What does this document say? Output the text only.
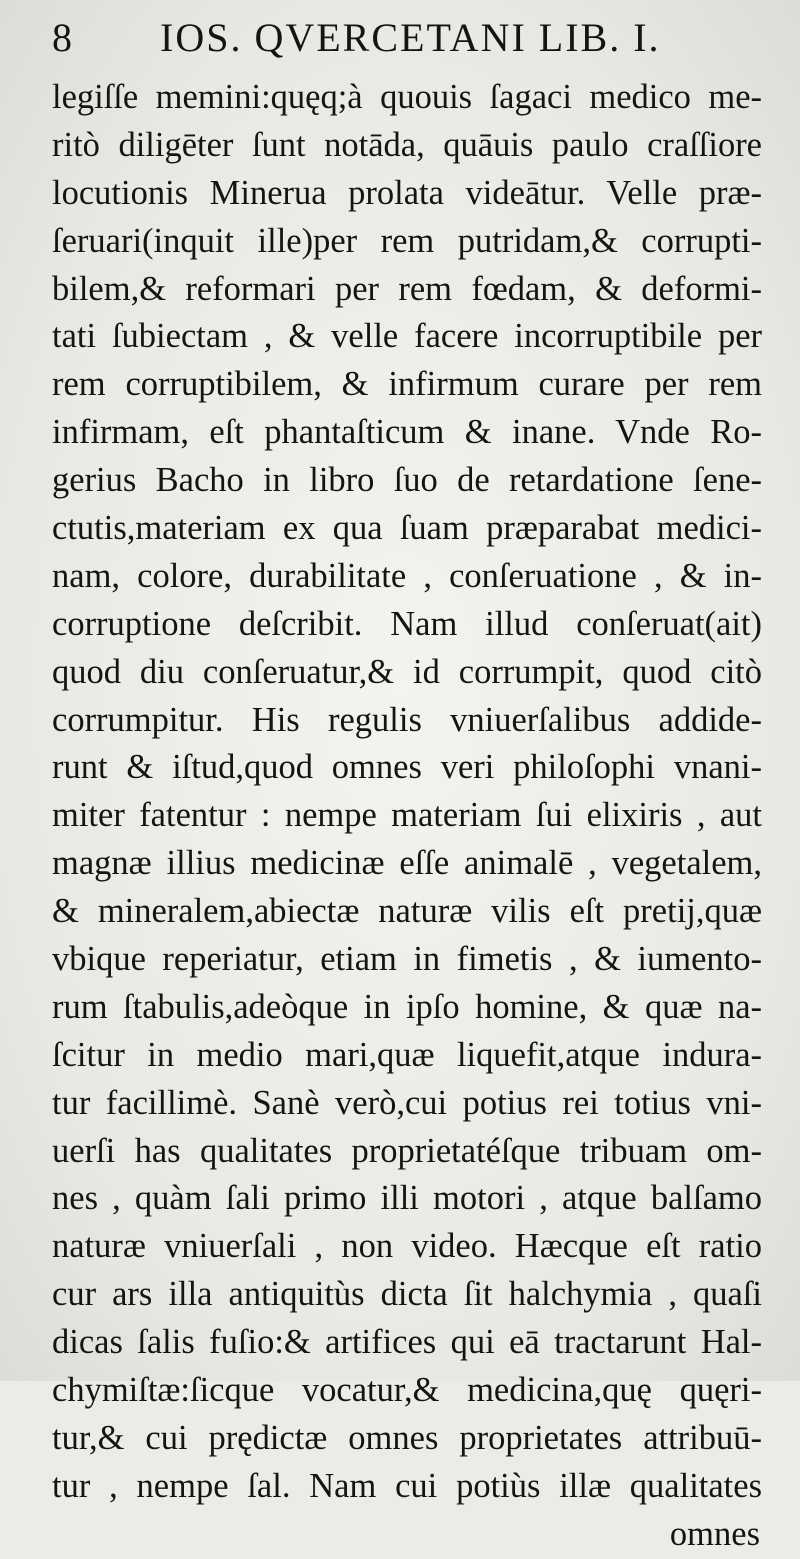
8	IOS. QVERCETANI LIB. I.
legiſſe memini:quęq;à quouis ſagaci medico me-
ritò diligēter ſunt notāda, quāuis paulo craſſiore
locutionis Minerua prolata videātur. Velle præ-
ſeruari(inquit ille)per rem putridam,& corrupti-
bilem,& reformari per rem fœdam, & deformi-
tati ſubiectam , & velle facere incorruptibile per
rem corruptibilem, & infirmum curare per rem
infirmam, eſt phantaſticum & inane. Vnde Ro-
gerius Bacho in libro ſuo de retardatione ſene-
ctutis,materiam ex qua ſuam præparabat medici-
nam, colore, durabilitate , conſeruatione , & in-
corruptione deſcribit. Nam illud conſeruat(ait)
quod diu conſeruatur,& id corrumpit, quod citò
corrumpitur. His regulis vniuerſalibus addide-
runt & iſtud,quod omnes veri philoſophi vnani-
miter fatentur : nempe materiam ſui elixiris , aut
magnæ illius medicinæ eſſe animalē , vegetalem,
& mineralem,abiectæ naturæ vilis eſt pretij,quæ
vbique reperiatur, etiam in fimetis , & iumento-
rum ſtabulis,adeòque in ipſo homine, & quæ na-
ſcitur in medio mari,quæ liquefit,atque indura-
tur facillimè. Sanè verò,cui potius rei totius vni-
uerſi has qualitates proprietatéſque tribuam om-
nes , quàm ſali primo illi motori , atque balſamo
naturæ vniuerſali , non video. Hæcque eſt ratio
cur ars illa antiquitùs dicta ſit halchymia , quaſi
dicas ſalis fuſio:& artifices qui eā tractarunt Hal-
chymiſtæ:ſicque vocatur,& medicina,quę quęri-
tur,& cui prędictæ omnes proprietates attribuū-
tur , nempe ſal. Nam cui potiùs illæ qualitates
omnes
